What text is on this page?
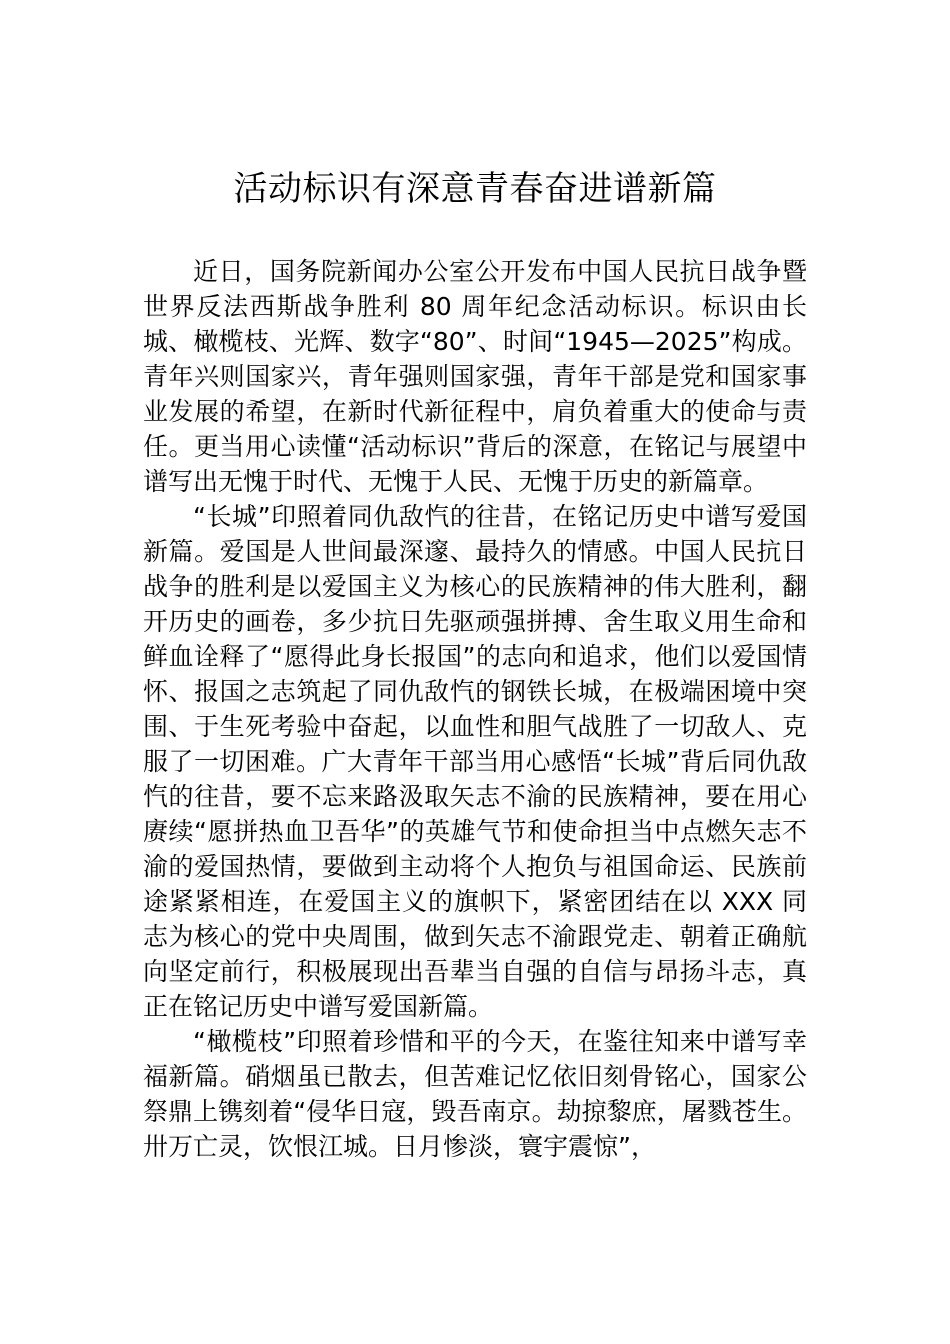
活动标识有深意青春奋进谱新篇

近日，国务院新闻办公室公开发布中国人民抗日战争暨世界反法西斯战争胜利 80 周年纪念活动标识。标识由长城、橄榄枝、光辉、数字“80”、时间“1945—2025”构成。青年兴则国家兴，青年强则国家强，青年干部是党和国家事业发展的希望，在新时代新征程中，肩负着重大的使命与责任。更当用心读懂“活动标识”背后的深意，在铭记与展望中谱写出无愧于时代、无愧于人民、无愧于历史的新篇章。

“长城”印照着同仇敌忾的往昔，在铭记历史中谱写爱国新篇。爱国是人世间最深邃、最持久的情感。中国人民抗日战争的胜利是以爱国主义为核心的民族精神的伟大胜利，翻开历史的画卷，多少抗日先驱顽强拼搏、舍生取义用生命和鲜血诠释了“愿得此身长报国”的志向和追求，他们以爱国情怀、报国之志筑起了同仇敌忾的钢铁长城，在极端困境中突围、于生死考验中奋起，以血性和胆气战胜了一切敌人、克服了一切困难。广大青年干部当用心感悟“长城”背后同仇敌忾的往昔，要不忘来路汲取矢志不渝的民族精神，要在用心赓续“愿拼热血卫吾华”的英雄气节和使命担当中点燃矢志不渝的爱国热情，要做到主动将个人抱负与祖国命运、民族前途紧紧相连，在爱国主义的旗帜下，紧密团结在以 XXX 同志为核心的党中央周围，做到矢志不渝跟党走、朝着正确航向坚定前行，积极展现出吾辈当自强的自信与昂扬斗志，真正在铭记历史中谱写爱国新篇。

“橄榄枝”印照着珍惜和平的今天，在鉴往知来中谱写幸福新篇。硝烟虽已散去，但苦难记忆依旧刻骨铭心，国家公祭鼎上镌刻着“侵华日寇，毁吾南京。劫掠黎庶，屠戮苍生。卅万亡灵，饮恨江城。日月惨淡，寰宇震惊”，
